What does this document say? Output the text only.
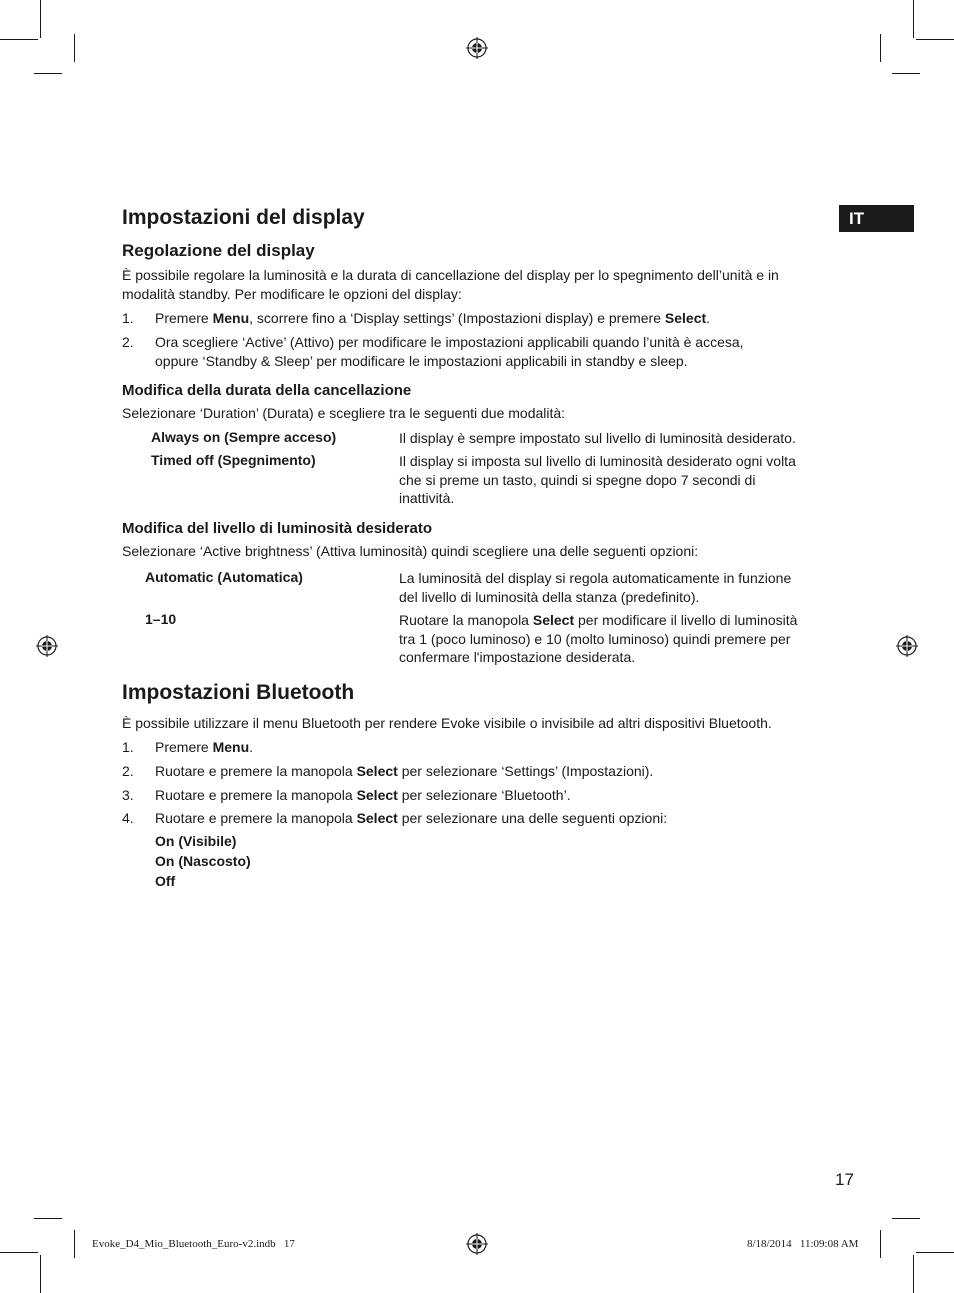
IT
Impostazioni del display
Regolazione del display

È possibile regolare la luminosità e la durata di cancellazione del display per lo spegnimento dell’unità e in modalità standby. Per modificare le opzioni del display:

1. Premere Menu, scorrere fino a ‘Display settings’ (Impostazioni display) e premere Select.
2. Ora scegliere ‘Active’ (Attivo) per modificare le impostazioni applicabili quando l’unità è accesa,
oppure ‘Standby & Sleep’ per modificare le impostazioni applicabili in standby e sleep.
Modifica della durata della cancellazione

Selezionare ‘Duration’ (Durata) e scegliere tra le seguenti due modalità:

Always on (Sempre acceso)	Il display è sempre impostato sul livello di luminosità desiderato.
Timed off (Spegnimento)	Il display si imposta sul livello di luminosità desiderato ogni volta
che si preme un tasto, quindi si spegne dopo 7 secondi di
inattività.
Modifica del livello di luminosità desiderato

Selezionare ‘Active brightness’ (Attiva luminosità) quindi scegliere una delle seguenti opzioni:

Automatic (Automatica)	La luminosità del display si regola automaticamente in funzione
del livello di luminosità della stanza (predefinito).
1–10	Ruotare la manopola Select per modificare il livello di luminosità
tra 1 (poco luminoso) e 10 (molto luminoso) quindi premere per
confermare l'impostazione desiderata.
Impostazioni Bluetooth

È possibile utilizzare il menu Bluetooth per rendere Evoke visibile o invisibile ad altri dispositivi Bluetooth.

1. Premere Menu.
2. Ruotare e premere la manopola Select per selezionare ‘Settings’ (Impostazioni).
3. Ruotare e premere la manopola Select per selezionare ‘Bluetooth’.
4. Ruotare e premere la manopola Select per selezionare una delle seguenti opzioni:
On (Visibile)
On (Nascosto)
Off
17
Evoke_D4_Mio_Bluetooth_Euro-v2.indb   17	8/18/2014   11:09:08 AM
